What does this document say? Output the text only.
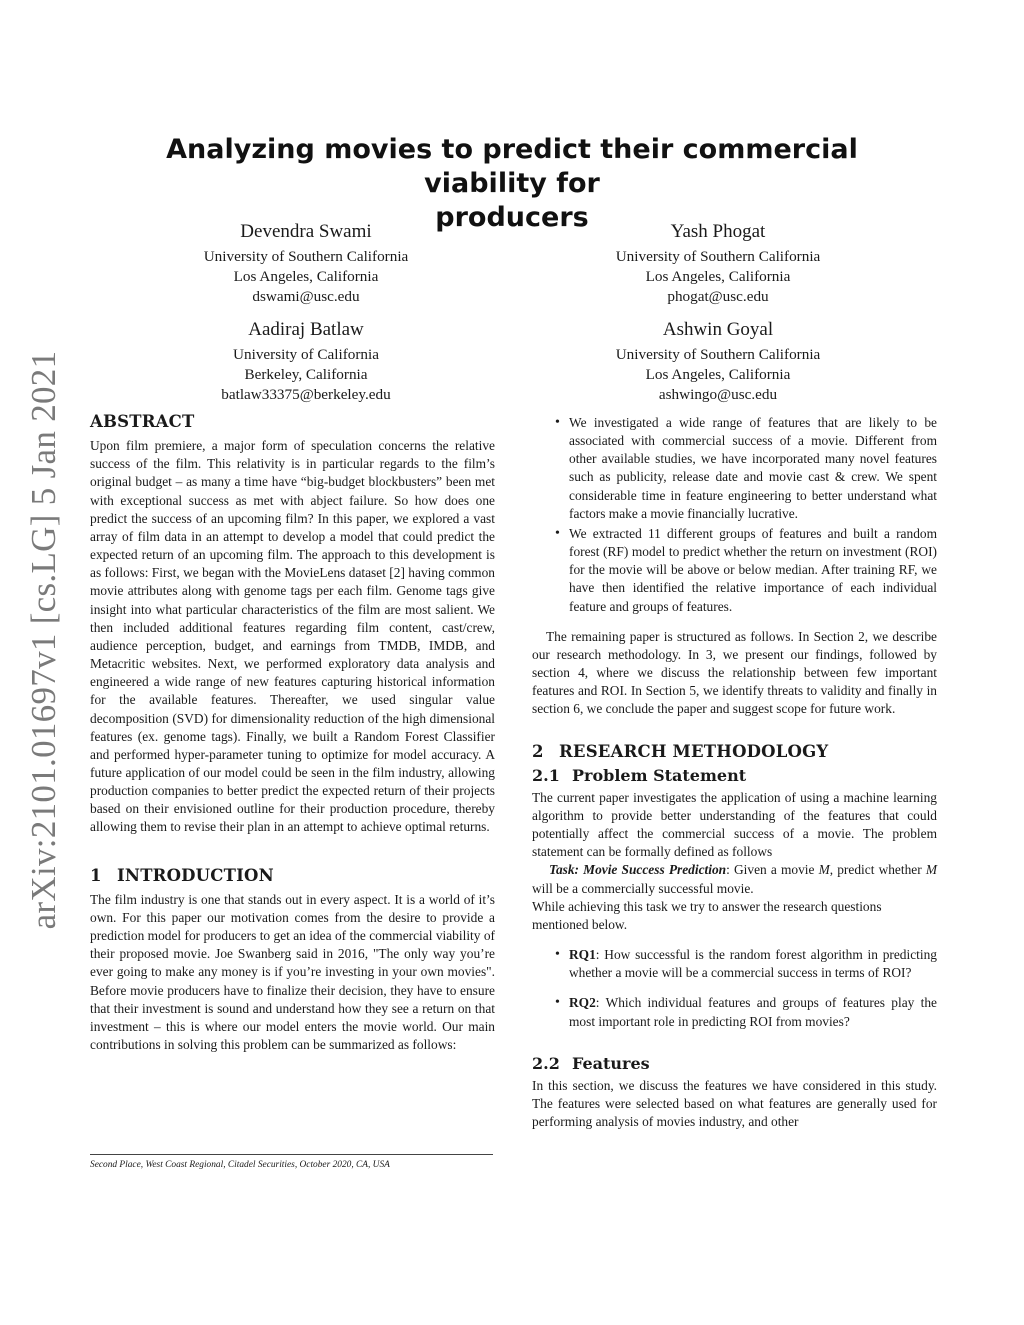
arXiv:2101.01697v1 [cs.LG] 5 Jan 2021
Analyzing movies to predict their commercial viability for
producers
Devendra Swami
University of Southern California
Los Angeles, California
dswami@usc.edu
Yash Phogat
University of Southern California
Los Angeles, California
phogat@usc.edu
Aadiraj Batlaw
University of California
Berkeley, California
batlaw33375@berkeley.edu
Ashwin Goyal
University of Southern California
Los Angeles, California
ashwingo@usc.edu
ABSTRACT

Upon film premiere, a major form of speculation concerns the relative success of the film. This relativity is in particular regards to the film’s original budget – as many a time have “big-budget blockbusters” been met with exceptional success as met with abject failure. So how does one predict the success of an upcoming film? In this paper, we explored a vast array of film data in an attempt to develop a model that could predict the expected return of an upcoming film. The approach to this development is as follows: First, we began with the MovieLens dataset [2] having common movie attributes along with genome tags per each film. Genome tags give insight into what particular characteristics of the film are most salient. We then included additional features regarding film content, cast/crew, audience perception, budget, and earnings from TMDB, IMDB, and Metacritic websites. Next, we performed exploratory data analysis and engineered a wide range of new features capturing historical information for the available features. Thereafter, we used singular value decomposition (SVD) for dimensionality reduction of the high dimensional features (ex. genome tags). Finally, we built a Random Forest Classifier and performed hyper-parameter tuning to optimize for model accuracy. A future application of our model could be seen in the film industry, allowing production companies to better predict the expected return of their projects based on their envisioned outline for their production procedure, thereby allowing them to revise their plan in an attempt to achieve optimal returns.

1 INTRODUCTION

The film industry is one that stands out in every aspect. It is a world of it’s own. For this paper our motivation comes from the desire to provide a prediction model for producers to get an idea of the commercial viability of their proposed movie. Joe Swanberg said in 2016, "The only way you’re ever going to make any money is if you’re investing in your own movies". Before movie producers have to finalize their decision, they have to ensure that their investment is sound and understand how they see a return on that investment – this is where our model enters the movie world. Our main contributions in solving this problem can be summarized as follows:

Second Place, West Coast Regional, Citadel Securities, October 2020, CA, USA
• We investigated a wide range of features that are likely to be associated with commercial success of a movie. Different from other available studies, we have incorporated many novel features such as publicity, release date and movie cast & crew. We spent considerable time in feature engineering to better understand what factors make a movie financially lucrative.
• We extracted 11 different groups of features and built a random forest (RF) model to predict whether the return on investment (ROI) for the movie will be above or below median. After training RF, we have then identified the relative importance of each individual feature and groups of features.

The remaining paper is structured as follows. In Section 2, we describe our research methodology. In 3, we present our findings, followed by section 4, where we discuss the relationship between few important features and ROI. In Section 5, we identify threats to validity and finally in section 6, we conclude the paper and suggest scope for future work.

2 RESEARCH METHODOLOGY
2.1 Problem Statement

The current paper investigates the application of using a machine learning algorithm to provide better understanding of the features that could potentially affect the commercial success of a movie. The problem statement can be formally defined as follows

Task: Movie Success Prediction: Given a movie M, predict whether M will be a commercially successful movie.

While achieving this task we try to answer the research questions mentioned below.

• RQ1: How successful is the random forest algorithm in predicting whether a movie will be a commercial success in terms of ROI?
• RQ2: Which individual features and groups of features play the most important role in predicting ROI from movies?
2.2 Features

In this section, we discuss the features we have considered in this study. The features were selected based on what features are generally used for performing analysis of movies industry, and other
